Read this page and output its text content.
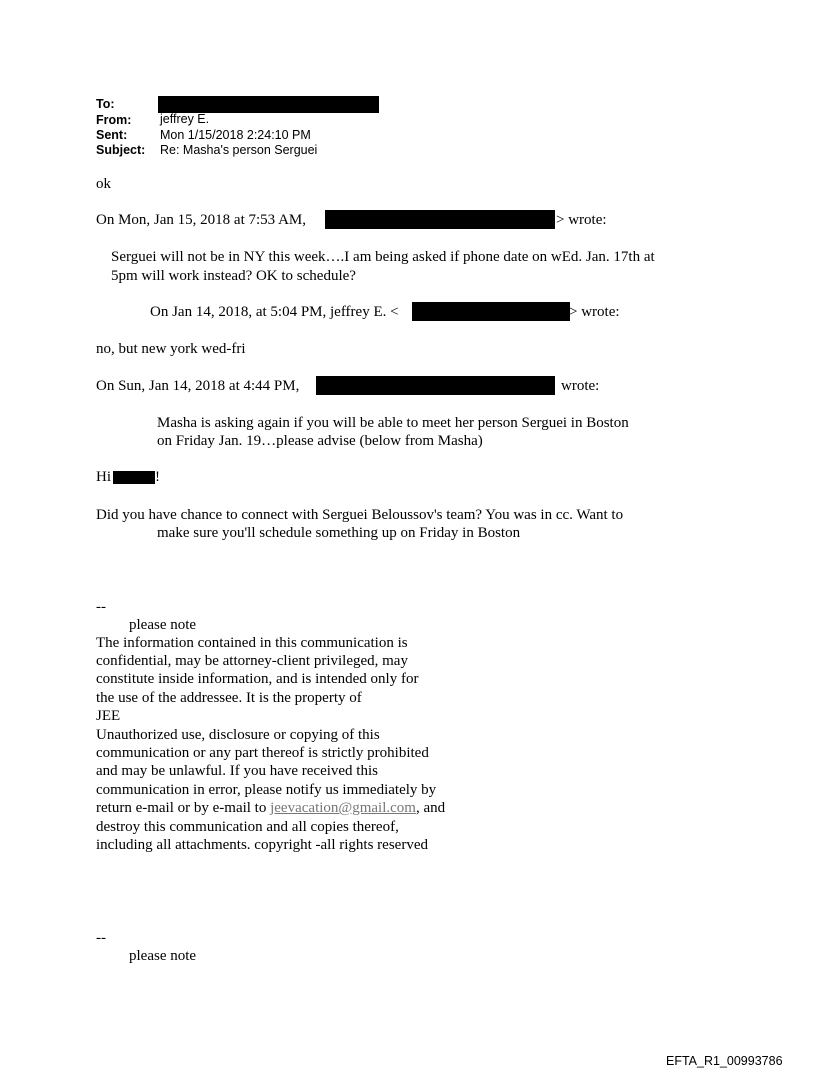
To:
From: jeffrey E.
Sent:	Mon 1/15/2018 2:24:10 PM
Subject: Re: Masha's person Serguei
ok
On Mon, Jan 15, 2018 at 7:53 AM,	> wrote:
Serguei will not be in NY this week….I am being asked if phone date on wEd. Jan. 17th at
5pm will work instead? OK to schedule?
On Jan 14, 2018, at 5:04 PM, jeffrey E. <	> wrote:
no, but new york wed-fri
On Sun, Jan 14, 2018 at 4:44 PM,	wrote:
Masha is asking again if you will be able to meet her person Serguei in Boston
on Friday Jan. 19…please advise (below from Masha)
Hi	!
Did you have chance to connect with Serguei Beloussov's team? You was in cc. Want to
make sure you'll schedule something up on Friday in Boston
--
please note
The information contained in this communication is
confidential, may be attorney-client privileged, may
constitute inside information, and is intended only for
the use of the addressee. It is the property of
JEE
Unauthorized use, disclosure or copying of this
communication or any part thereof is strictly prohibited
and may be unlawful. If you have received this
communication in error, please notify us immediately by
return e-mail or by e-mail to jeevacation@gmail.com, and
destroy this communication and all copies thereof,
including all attachments. copyright -all rights reserved
--
please note
EFTA_R1_00993786
